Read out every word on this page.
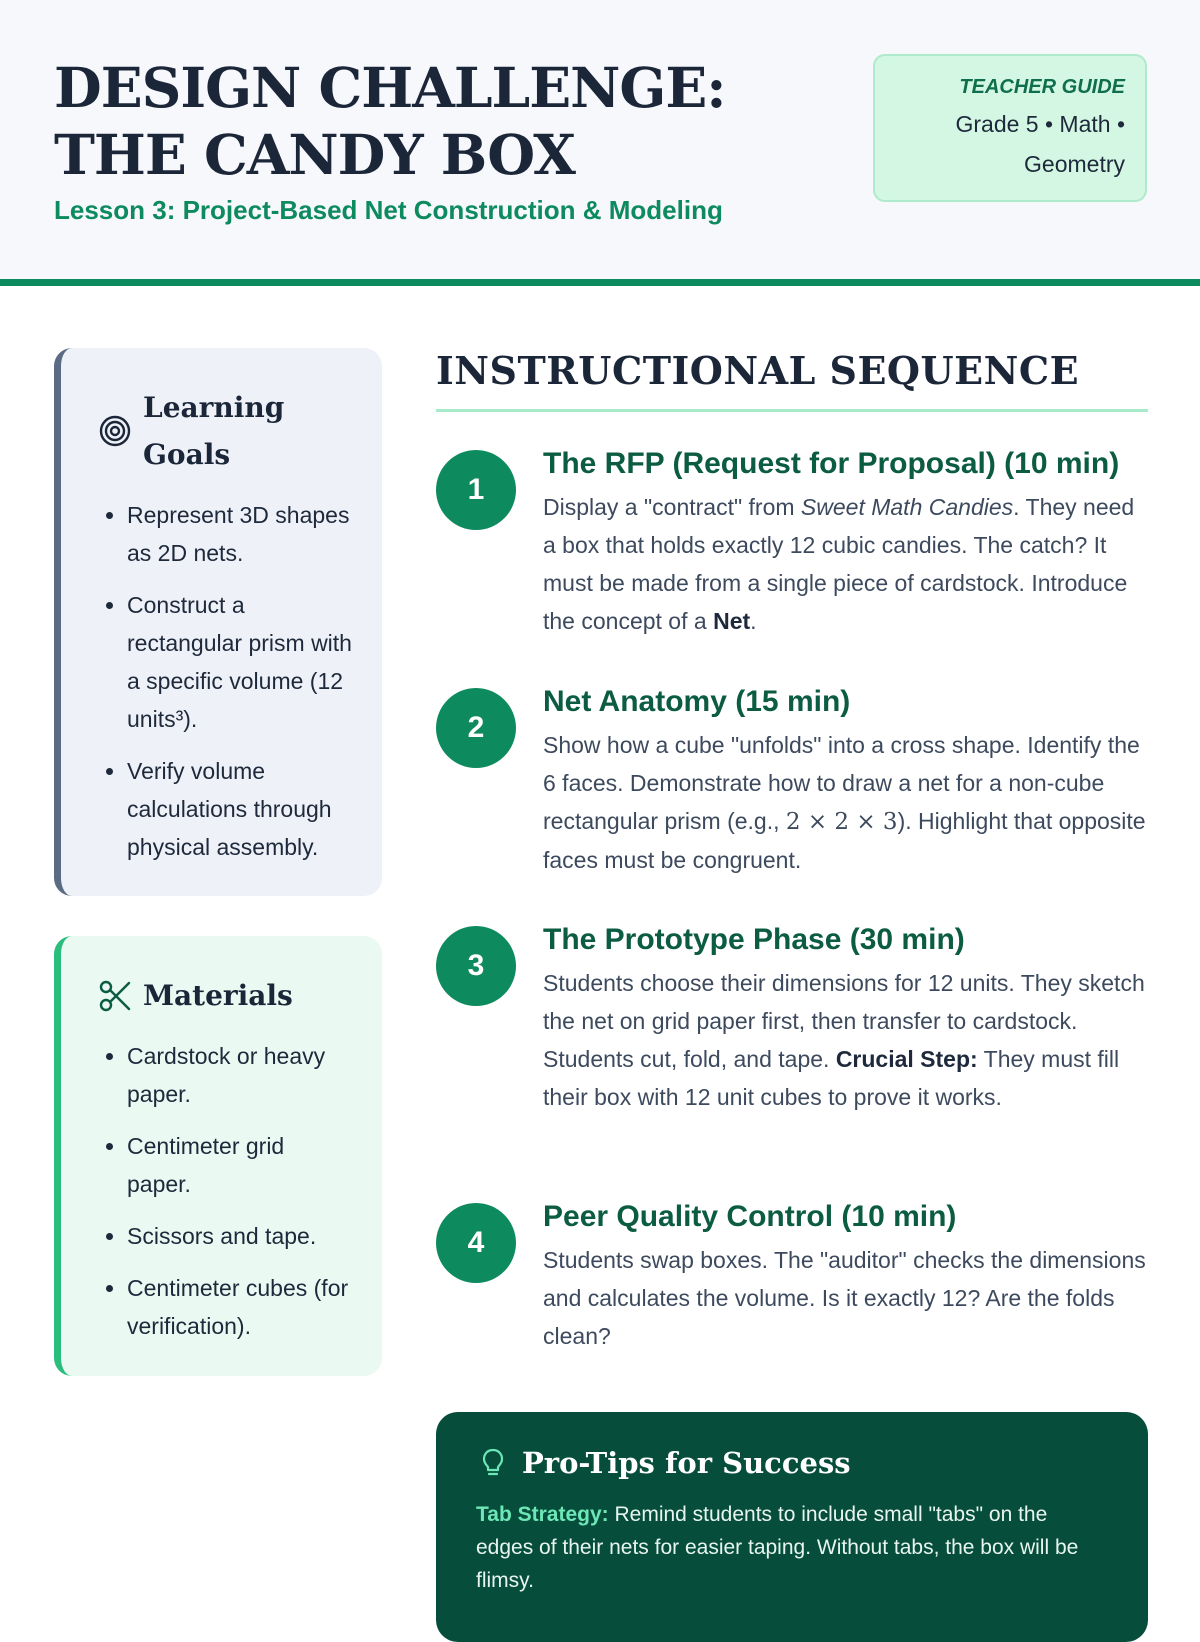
DESIGN CHALLENGE: THE CANDY BOX

Lesson 3: Project-Based Net Construction & Modeling

TEACHER GUIDE
Grade 5 • Math • Geometry
Learning Goals
• Represent 3D shapes as 2D nets.
• Construct a rectangular prism with a specific volume (12 units³).
• Verify volume calculations through physical assembly.
Materials
• Cardstock or heavy paper.
• Centimeter grid paper.
• Scissors and tape.
• Centimeter cubes (for verification).
INSTRUCTIONAL SEQUENCE
1
The RFP (Request for Proposal) (10 min)

Display a "contract" from Sweet Math Candies. They need a box that holds exactly 12 cubic candies. The catch? It must be made from a single piece of cardstock. Introduce the concept of a Net.

2
Net Anatomy (15 min)

Show how a cube "unfolds" into a cross shape. Identify the 6 faces. Demonstrate how to draw a net for a non-cube rectangular prism (e.g., 2 × 2 × 3). Highlight that opposite faces must be congruent.

3
The Prototype Phase (30 min)

Students choose their dimensions for 12 units. They sketch the net on grid paper first, then transfer to cardstock. Students cut, fold, and tape. Crucial Step: They must fill their box with 12 unit cubes to prove it works.

4
Peer Quality Control (10 min)

Students swap boxes. The "auditor" checks the dimensions and calculates the volume. Is it exactly 12? Are the folds clean?

Pro-Tips for Success

Tab Strategy: Remind students to include small "tabs" on the edges of their nets for easier taping. Without tabs, the box will be flimsy.
